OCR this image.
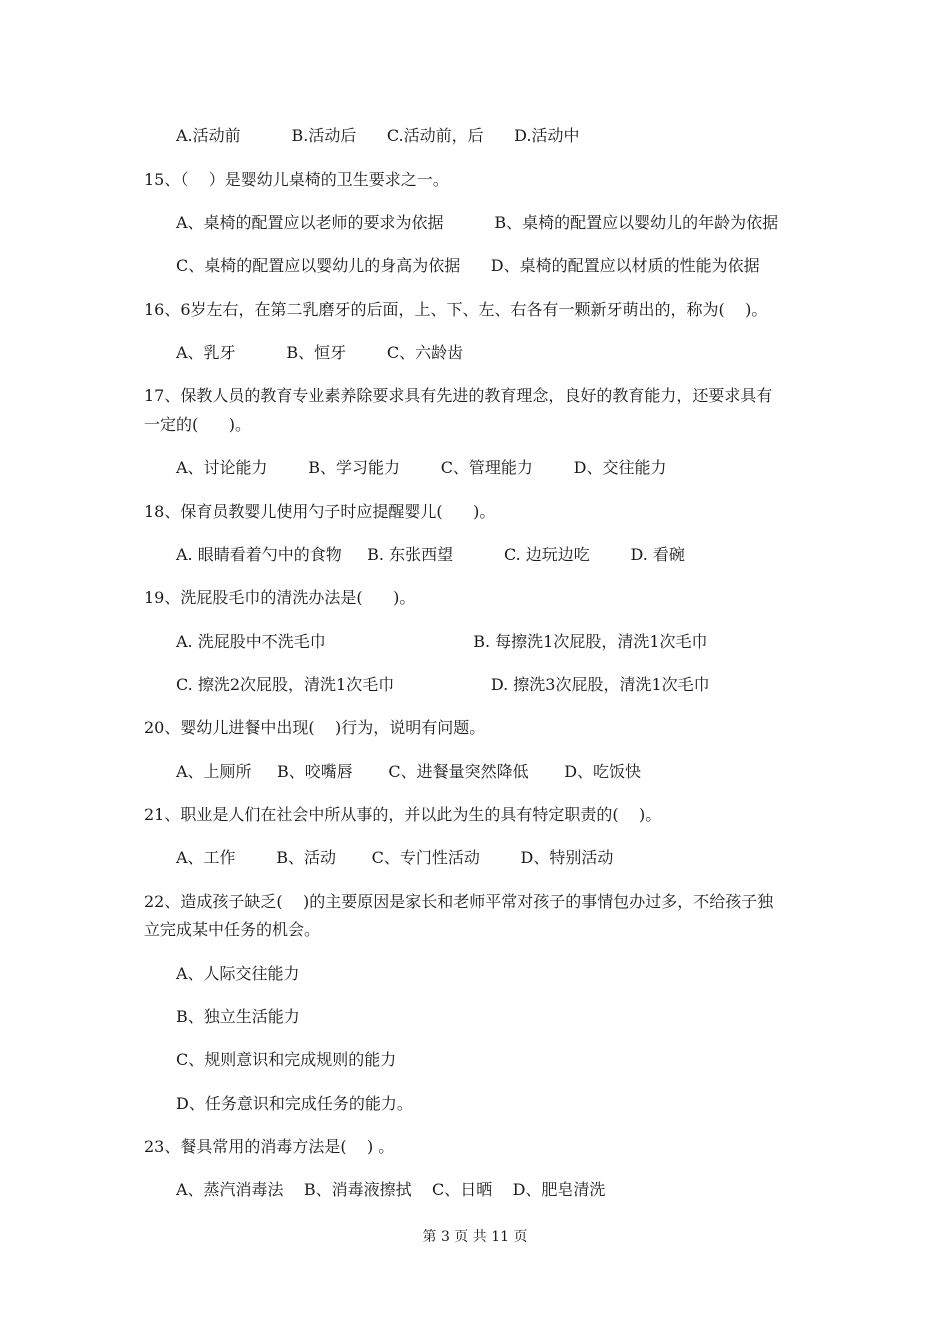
A.活动前          B.活动后      C.活动前，后      D.活动中
15、（    ）是婴幼儿桌椅的卫生要求之一。
A、桌椅的配置应以老师的要求为依据          B、桌椅的配置应以婴幼儿的年龄为依据
C、桌椅的配置应以婴幼儿的身高为依据      D、桌椅的配置应以材质的性能为依据
16、6岁左右，在第二乳磨牙的后面，上、下、左、右各有一颗新牙萌出的，称为(    )。
A、乳牙          B、恒牙        C、六龄齿
17、保教人员的教育专业素养除要求具有先进的教育理念，良好的教育能力，还要求具有
一定的(      )。
A、讨论能力        B、学习能力        C、管理能力        D、交往能力
18、保育员教婴儿使用勺子时应提醒婴儿(      )。
A. 眼睛看着勺中的食物     B. 东张西望          C. 边玩边吃        D. 看碗
19、洗屁股毛巾的清洗办法是(      )。
A. 洗屁股中不洗毛巾                             B. 每擦洗1次屁股，清洗1次毛巾
C. 擦洗2次屁股，清洗1次毛巾                   D. 擦洗3次屁股，清洗1次毛巾
20、婴幼儿进餐中出现(    )行为，说明有问题。
A、上厕所     B、咬嘴唇       C、进餐量突然降低       D、吃饭快
21、职业是人们在社会中所从事的，并以此为生的具有特定职责的(    )。
A、工作        B、活动       C、专门性活动        D、特别活动
22、造成孩子缺乏(    )的主要原因是家长和老师平常对孩子的事情包办过多，不给孩子独
立完成某中任务的机会。
A、人际交往能力
B、独立生活能力
C、规则意识和完成规则的能力
D、任务意识和完成任务的能力。
23、餐具常用的消毒方法是(    ) 。
A、蒸汽消毒法    B、消毒液擦拭    C、日晒    D、肥皂清洗
第 3 页 共 11 页
